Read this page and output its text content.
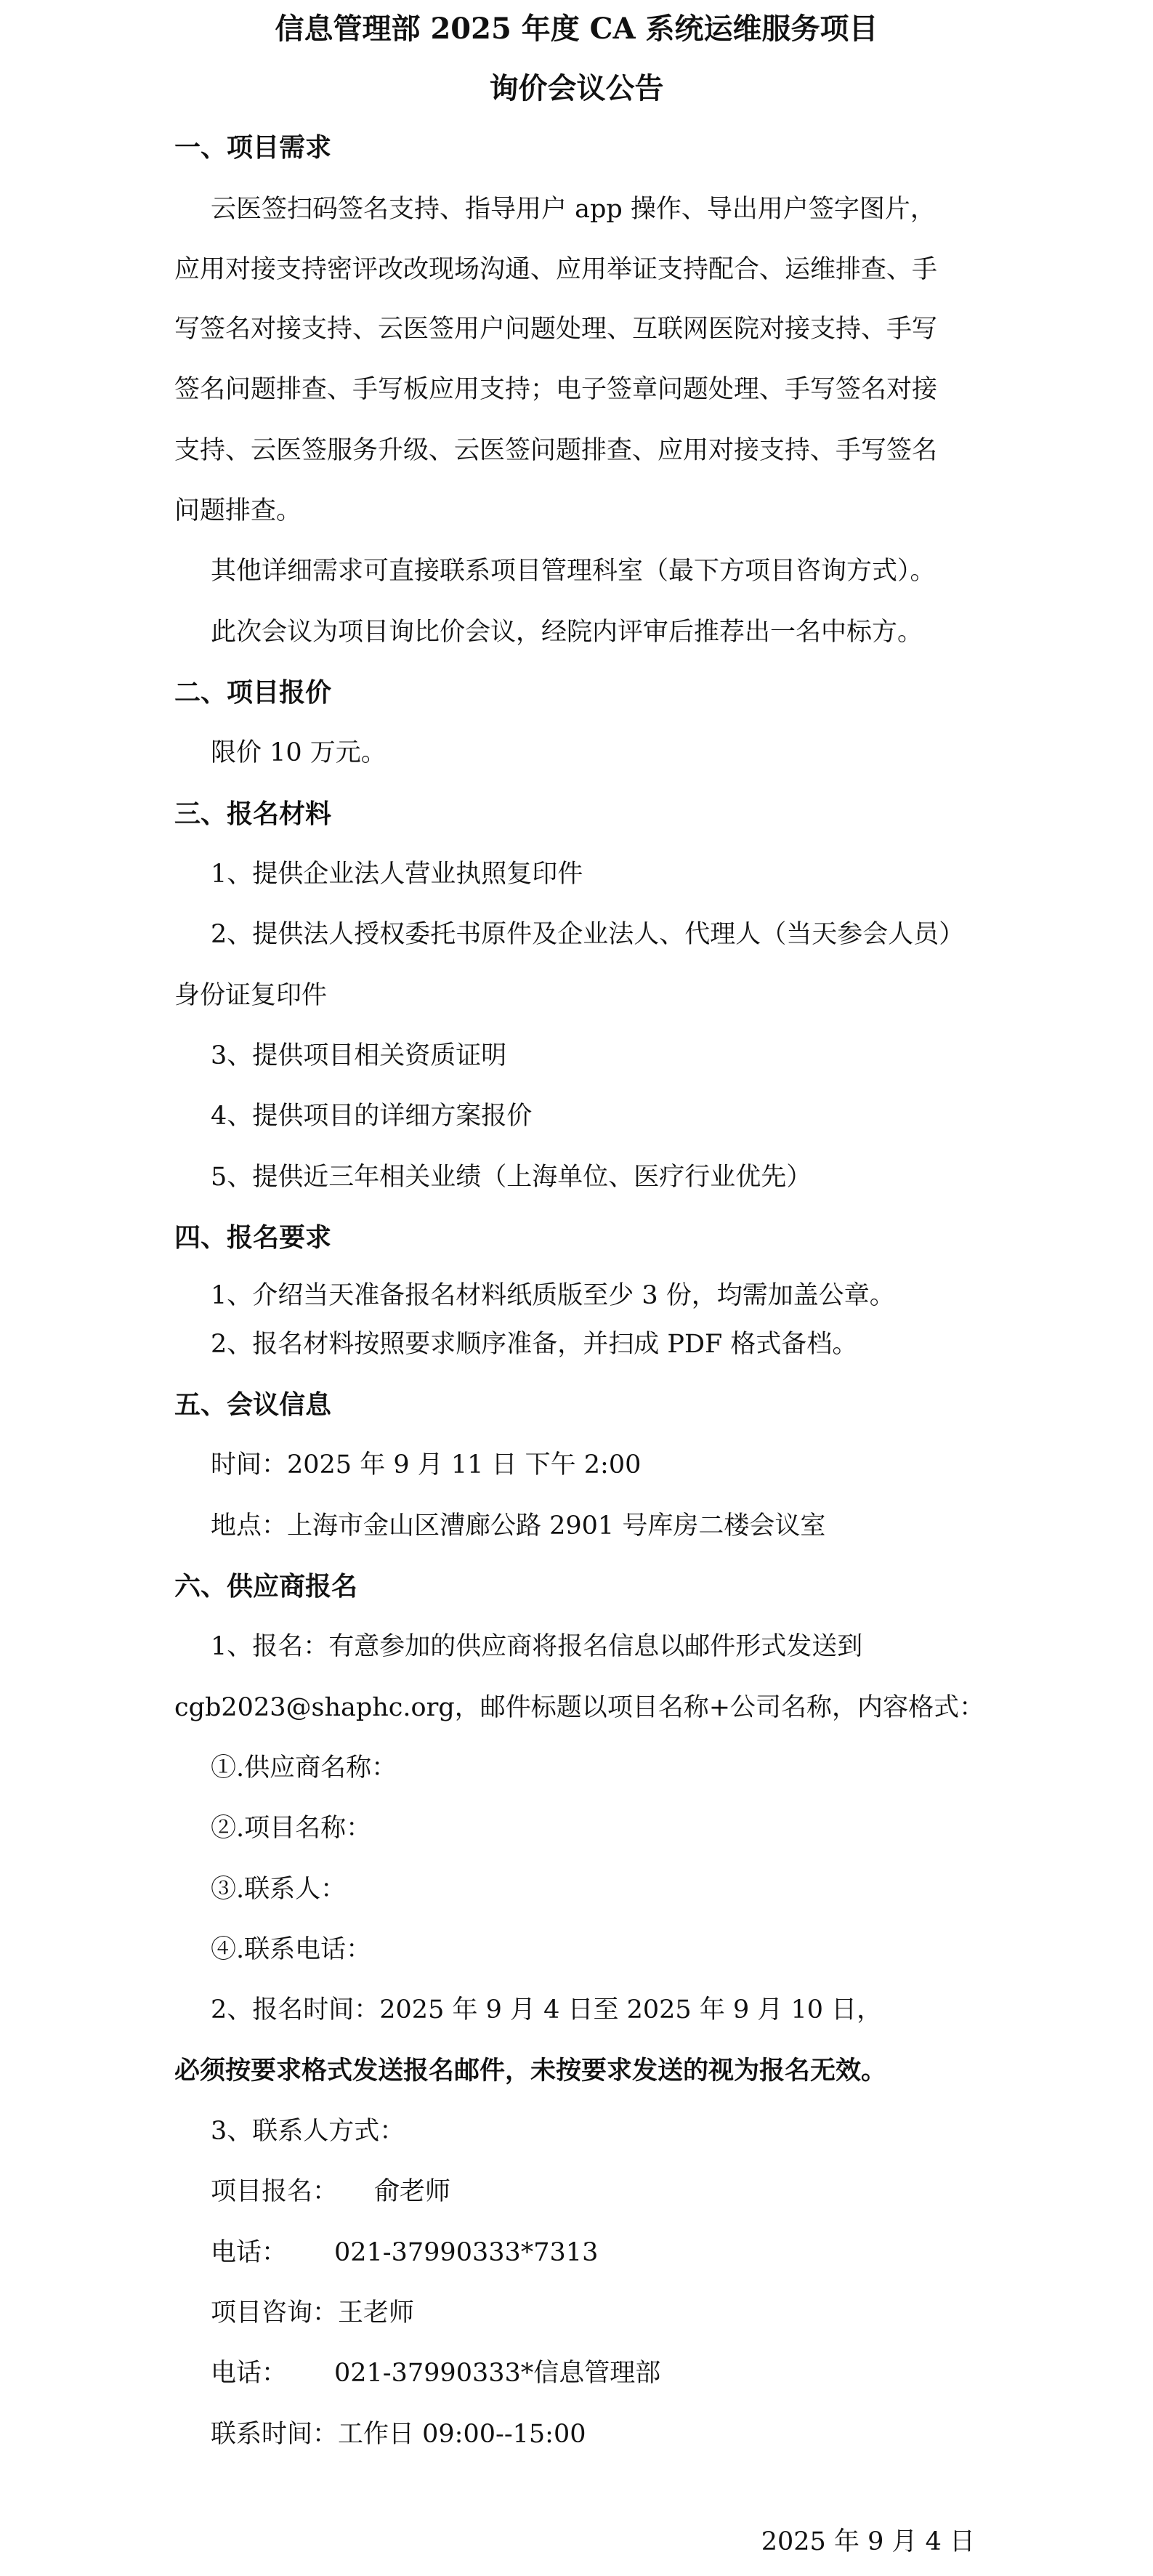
信息管理部 2025 年度 CA 系统运维服务项目
询价会议公告
一、项目需求
云医签扫码签名支持、指导用户 app 操作、导出用户签字图片，
应用对接支持密评改改现场沟通、应用举证支持配合、运维排查、手
写签名对接支持、云医签用户问题处理、互联网医院对接支持、手写
签名问题排查、手写板应用支持；电子签章问题处理、手写签名对接
支持、云医签服务升级、云医签问题排查、应用对接支持、手写签名
问题排查。
其他详细需求可直接联系项目管理科室（最下方项目咨询方式）。
此次会议为项目询比价会议，经院内评审后推荐出一名中标方。
二、项目报价
限价 10 万元。
三、报名材料
1、提供企业法人营业执照复印件
2、提供法人授权委托书原件及企业法人、代理人（当天参会人员）
身份证复印件
3、提供项目相关资质证明
4、提供项目的详细方案报价
5、提供近三年相关业绩（上海单位、医疗行业优先）
四、报名要求
1、介绍当天准备报名材料纸质版至少 3 份，均需加盖公章。
2、报名材料按照要求顺序准备，并扫成 PDF 格式备档。
五、会议信息
时间：2025 年 9 月 11 日 下午 2:00
地点：上海市金山区漕廊公路 2901 号库房二楼会议室
六、供应商报名
1、报名：有意参加的供应商将报名信息以邮件形式发送到
cgb2023@shaphc.org，邮件标题以项目名称+公司名称，内容格式：
①.供应商名称：
②.项目名称：
③.联系人：
④.联系电话：
2、报名时间：2025 年 9 月 4 日至 2025 年 9 月 10 日，
必须按要求格式发送报名邮件，未按要求发送的视为报名无效。
3、联系人方式：
项目报名： 俞老师
电话： 021-37990333*7313
项目咨询：王老师
电话： 021-37990333*信息管理部
联系时间：工作日 09:00--15:00
2025 年 9 月 4 日
